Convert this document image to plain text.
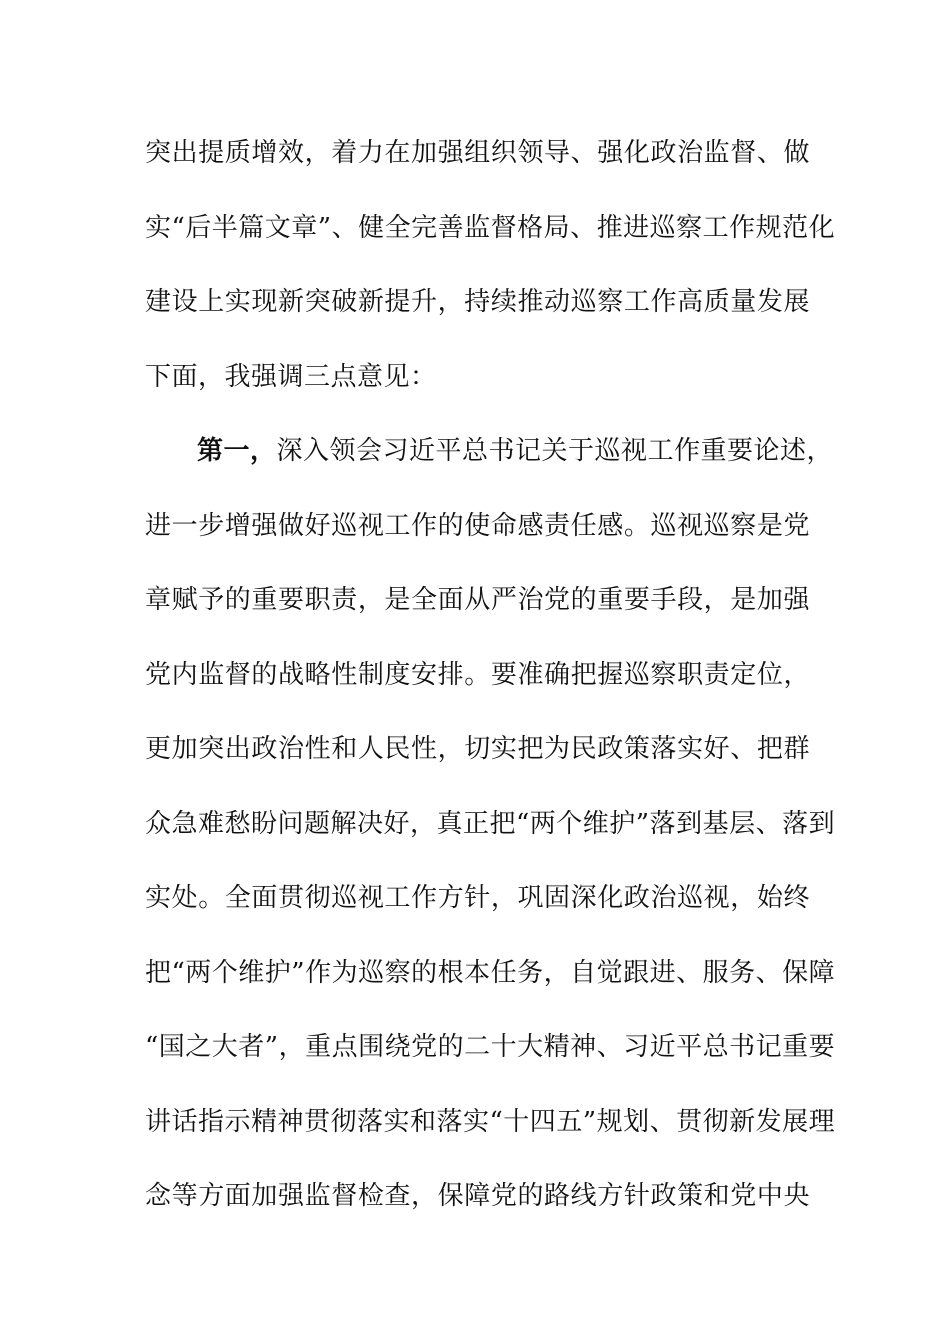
突出提质增效，着力在加强组织领导、强化政治监督、做
实“后半篇文章”、健全完善监督格局、推进巡察工作规范化
建设上实现新突破新提升，持续推动巡察工作高质量发展
下面，我强调三点意见：
第一，深入领会习近平总书记关于巡视工作重要论述，
进一步增强做好巡视工作的使命感责任感。巡视巡察是党
章赋予的重要职责，是全面从严治党的重要手段，是加强
党内监督的战略性制度安排。要准确把握巡察职责定位，
更加突出政治性和人民性，切实把为民政策落实好、把群
众急难愁盼问题解决好，真正把“两个维护”落到基层、落到
实处。全面贯彻巡视工作方针，巩固深化政治巡视，始终
把“两个维护”作为巡察的根本任务，自觉跟进、服务、保障
“国之大者”，重点围绕党的二十大精神、习近平总书记重要
讲话指示精神贯彻落实和落实“十四五”规划、贯彻新发展理
念等方面加强监督检查，保障党的路线方针政策和党中央
